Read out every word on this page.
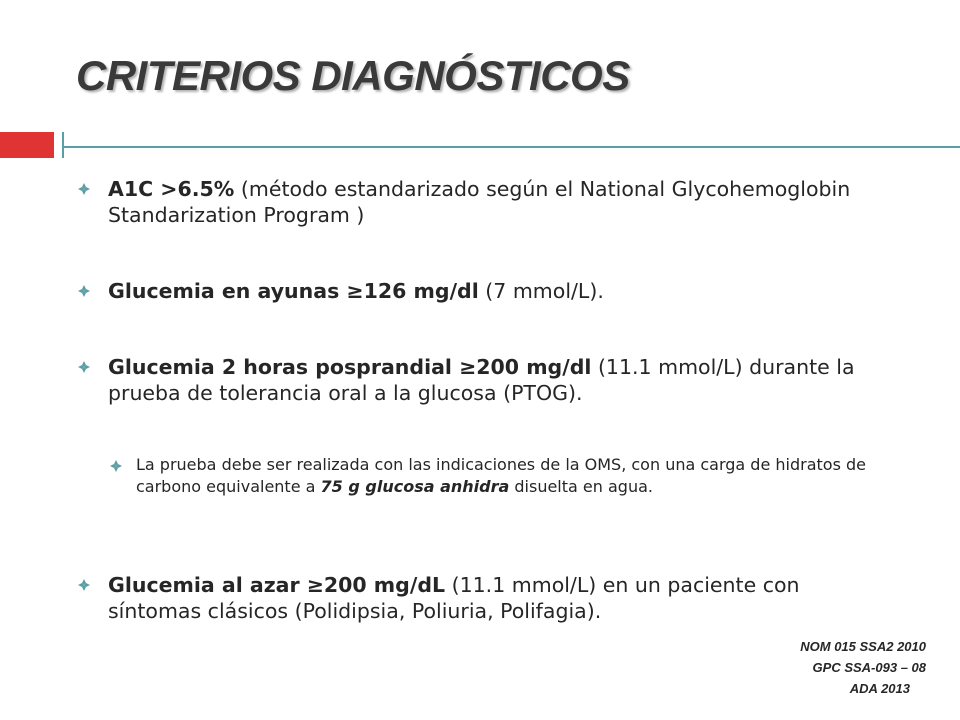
CRITERIOS DIAGNÓSTICOS
A1C >6.5% (método estandarizado según el National Glycohemoglobin Standarization Program )
Glucemia en ayunas ≥126 mg/dl (7 mmol/L).
Glucemia 2 horas posprandial ≥200 mg/dl (11.1 mmol/L) durante la prueba de tolerancia oral a la glucosa (PTOG).
La prueba debe ser realizada con las indicaciones de la OMS, con una carga de hidratos de carbono equivalente a 75 g glucosa anhidra disuelta en agua.
Glucemia al azar ≥200 mg/dL (11.1 mmol/L) en un paciente con síntomas clásicos (Polidipsia, Poliuria, Polifagia).
NOM 015 SSA2 2010
GPC SSA-093 – 08
ADA 2013
